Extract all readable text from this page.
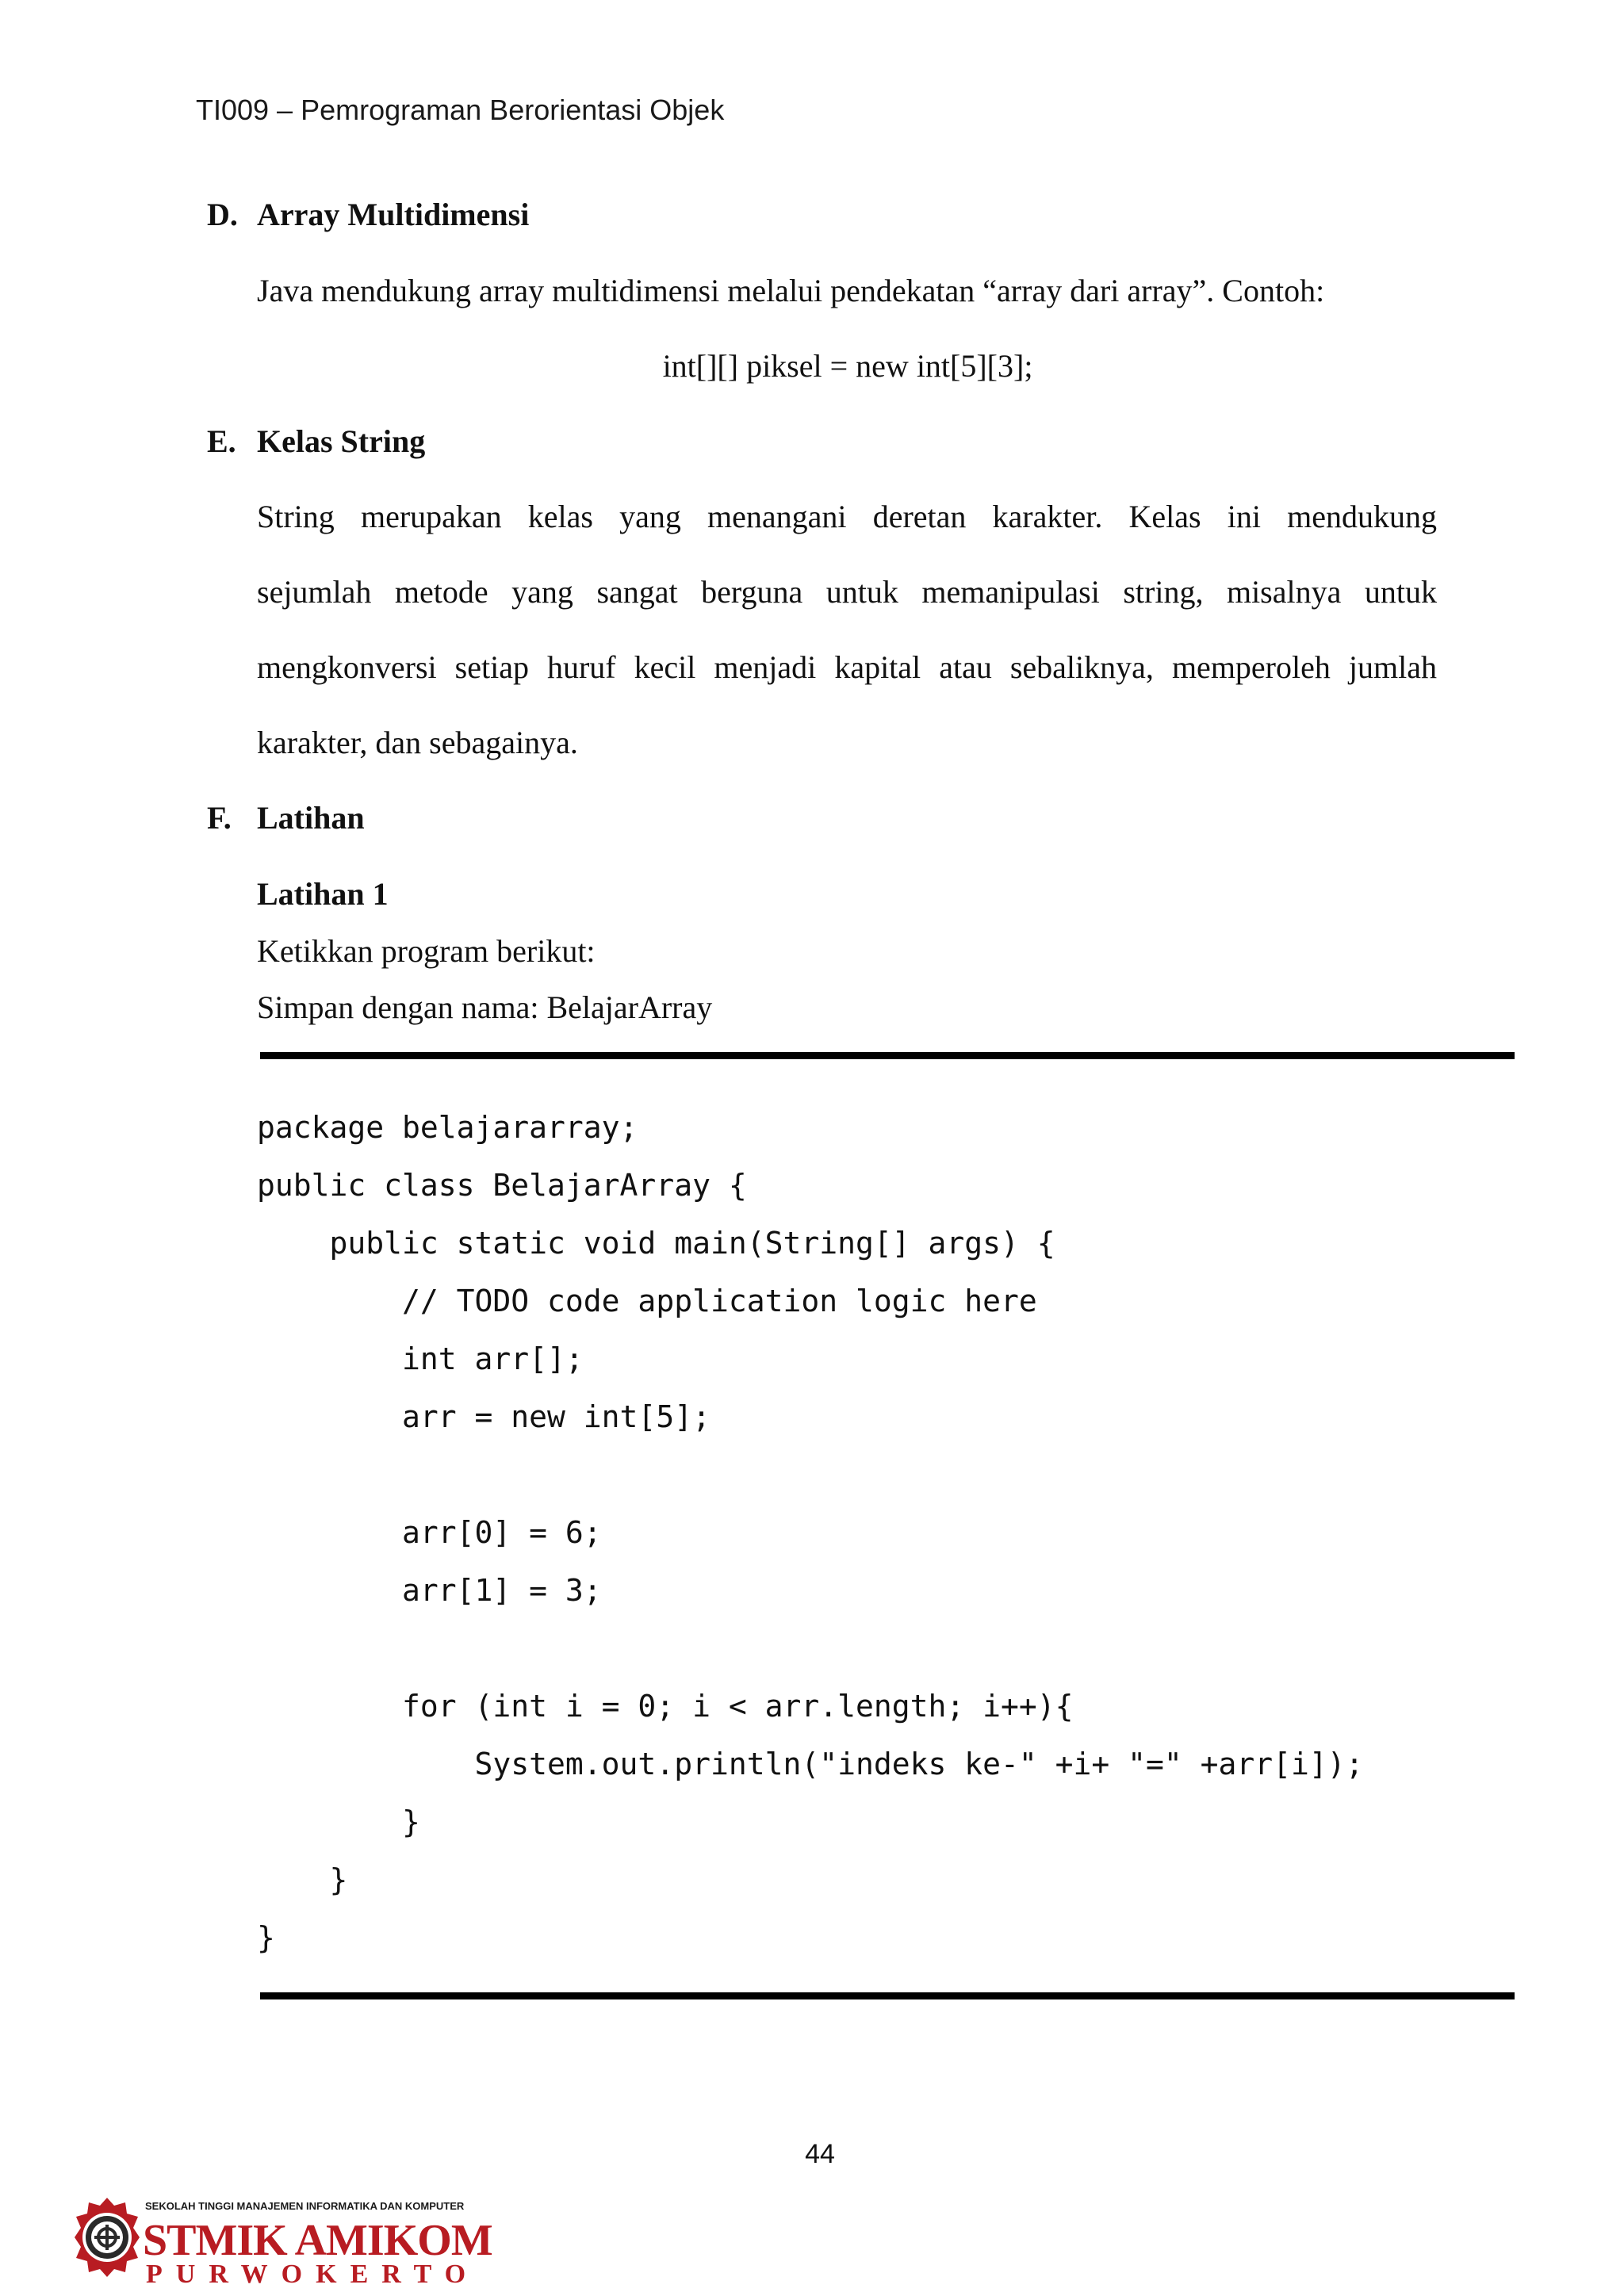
TI009 – Pemrograman Berorientasi Objek
D. Array Multidimensi
Java mendukung array multidimensi melalui pendekatan “array dari array”. Contoh:
int[][] piksel = new int[5][3];
E. Kelas String
String merupakan kelas yang menangani deretan karakter. Kelas ini mendukung
sejumlah metode yang sangat berguna untuk memanipulasi string, misalnya untuk
mengkonversi setiap huruf kecil menjadi kapital atau sebaliknya, memperoleh jumlah
karakter, dan sebagainya.
F. Latihan
Latihan 1
Ketikkan program berikut:
Simpan dengan nama: BelajarArray
package belajararray;
public class BelajarArray {
public static void main(String[] args) {
// TODO code application logic here
int arr[];
arr = new int[5];
arr[0] = 6;
arr[1] = 3;
for (int i = 0; i < arr.length; i++){
System.out.println("indeks ke-" +i+ "=" +arr[i]);
}
}
}
44
SEKOLAH TINGGI MANAJEMEN INFORMATIKA DAN KOMPUTER
STMIK AMIKOM
PURWOKERTO
